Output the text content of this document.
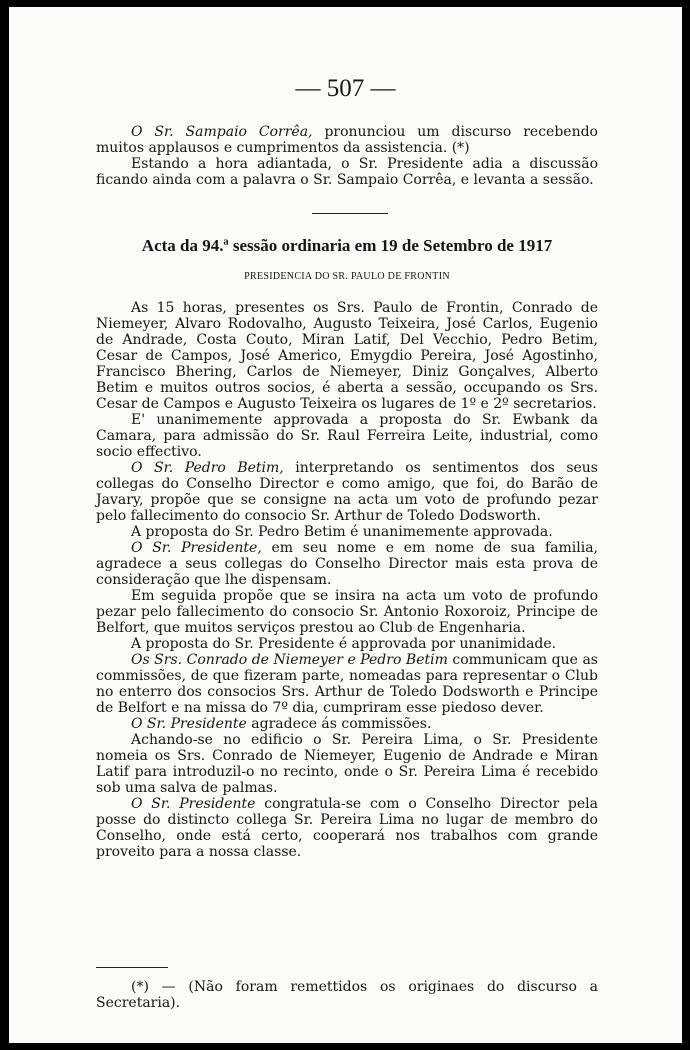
— 507 —

O Sr. Sampaio Corrêa, pronunciou um discurso recebendo muitos applausos e cumprimentos da assistencia. (*)

Estando a hora adiantada, o Sr. Presidente adia a discussão ficando ainda com a palavra o Sr. Sampaio Corrêa, e levanta a sessão.

Acta da 94.ª sessão ordinaria em 19 de Setembro de 1917
PRESIDENCIA DO SR. PAULO DE FRONTIN

As 15 horas, presentes os Srs. Paulo de Frontin, Conrado de Niemeyer, Alvaro Rodovalho, Augusto Teixeira, José Carlos, Eugenio de Andrade, Costa Couto, Miran Latif, Del Vecchio, Pedro Betim, Cesar de Campos, José Americo, Emygdio Pereira, José Agostinho, Francisco Bhering, Carlos de Niemeyer, Diniz Gonçalves, Alberto Betim e muitos outros socios, é aberta a sessão, occupando os Srs. Cesar de Campos e Augusto Teixeira os lugares de 1º e 2º secretarios.

E' unanimemente approvada a proposta do Sr. Ewbank da Camara, para admissão do Sr. Raul Ferreira Leite, industrial, como socio effectivo.

O Sr. Pedro Betim, interpretando os sentimentos dos seus collegas do Conselho Director e como amigo, que foi, do Barão de Javary, propõe que se consigne na acta um voto de profundo pezar pelo fallecimento do consocio Sr. Arthur de Toledo Dodsworth.

A proposta do Sr. Pedro Betim é unanimemente approvada.

O Sr. Presidente, em seu nome e em nome de sua familia, agradece a seus collegas do Conselho Director mais esta prova de consideração que lhe dispensam.

Em seguida propõe que se insira na acta um voto de profundo pezar pelo fallecimento do consocio Sr. Antonio Roxoroiz, Principe de Belfort, que muitos serviços prestou ao Club de Engenharia.

A proposta do Sr. Presidente é approvada por unanimidade.

Os Srs. Conrado de Niemeyer e Pedro Betim communicam que as commissões, de que fizeram parte, nomeadas para representar o Club no enterro dos consocios Srs. Arthur de Toledo Dodsworth e Principe de Belfort e na missa do 7º dia, cumpriram esse piedoso dever.

O Sr. Presidente agradece ás commissões.

Achando-se no edificio o Sr. Pereira Lima, o Sr. Presidente nomeia os Srs. Conrado de Niemeyer, Eugenio de Andrade e Miran Latif para introduzil-o no recinto, onde o Sr. Pereira Lima é recebido sob uma salva de palmas.

O Sr. Presidente congratula-se com o Conselho Director pela posse do distincto collega Sr. Pereira Lima no lugar de membro do Conselho, onde está certo, cooperará nos trabalhos com grande proveito para a nossa classe.

(*) — (Não foram remettidos os originaes do discurso a Secretaria).
